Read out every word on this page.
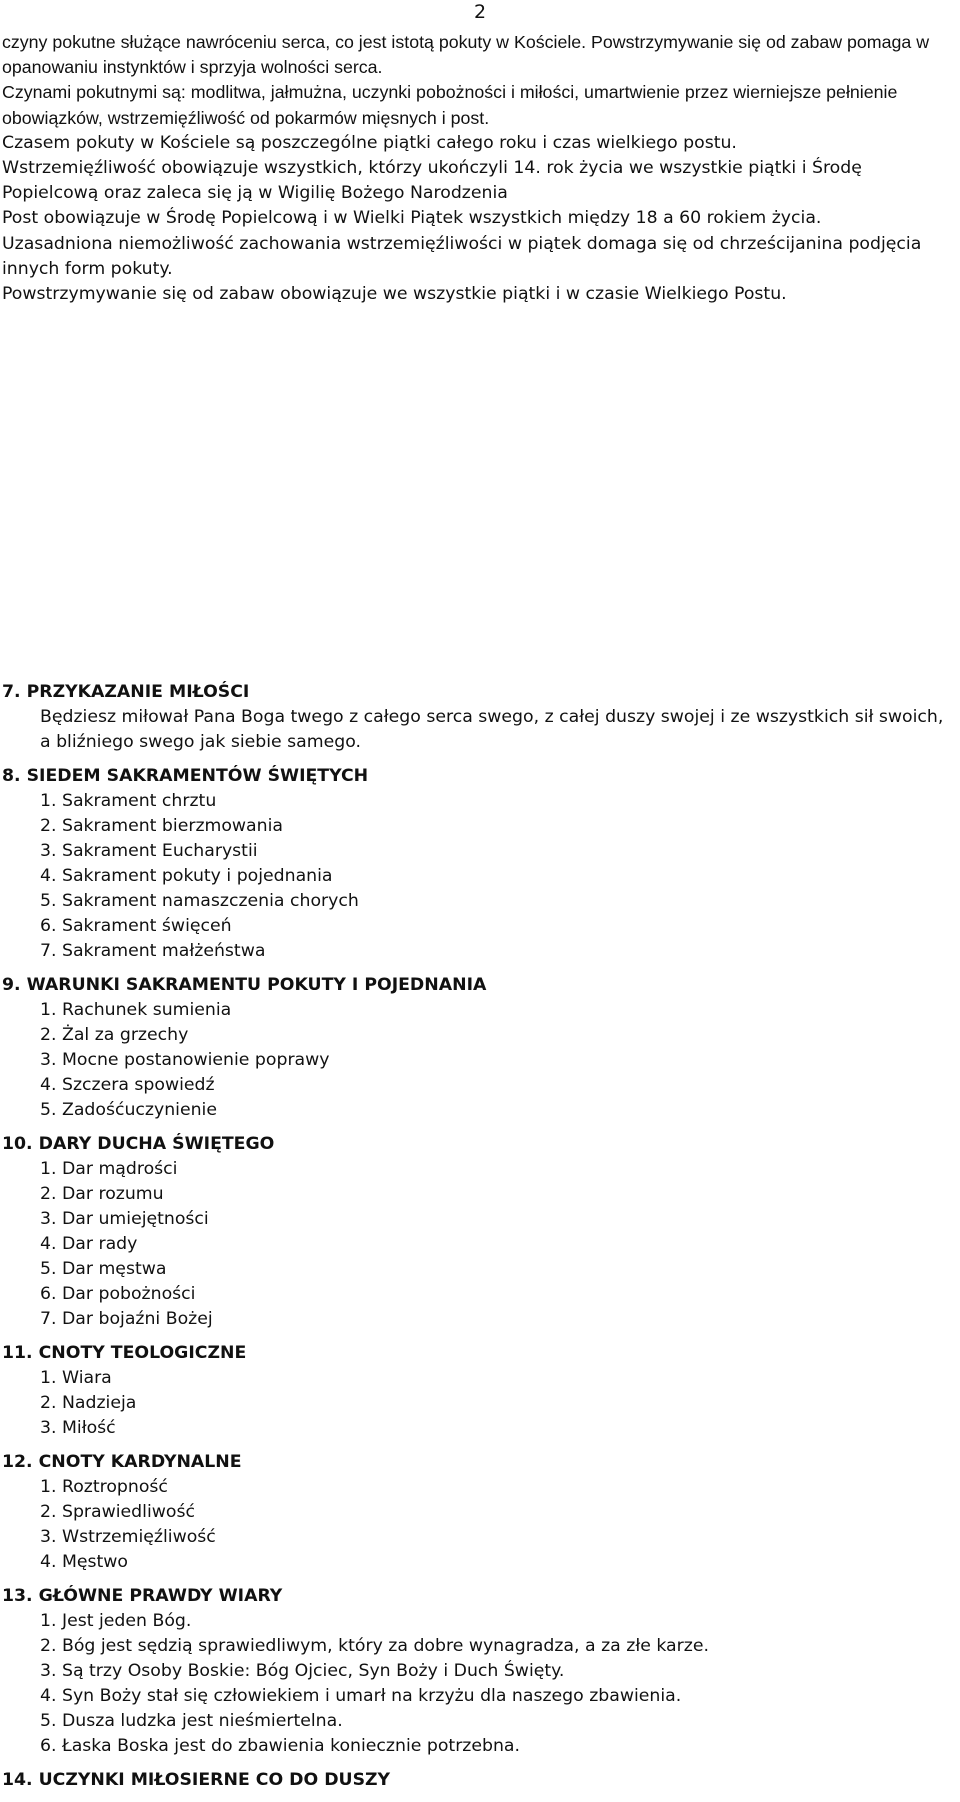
2

czyny pokutne służące nawróceniu serca, co jest istotą pokuty w Kościele. Powstrzymywanie się od zabaw pomaga w opanowaniu instynktów i sprzyja wolności serca.

Czynami pokutnymi są: modlitwa, jałmużna, uczynki pobożności i miłości, umartwienie przez wierniejsze pełnienie obowiązków, wstrzemięźliwość od pokarmów mięsnych i post.

Czasem pokuty w Kościele są poszczególne piątki całego roku i czas wielkiego postu.

Wstrzemięźliwość obowiązuje wszystkich, którzy ukończyli 14. rok życia we wszystkie piątki i Środę Popielcową oraz zaleca się ją w Wigilię Bożego Narodzenia

Post obowiązuje w Środę Popielcową i w Wielki Piątek wszystkich między 18 a 60 rokiem życia.

Uzasadniona niemożliwość zachowania wstrzemięźliwości w piątek domaga się od chrześcijanina podjęcia innych form pokuty.

Powstrzymywanie się od zabaw obowiązuje we wszystkie piątki i w czasie Wielkiego Postu.

7. PRZYKAZANIE MIŁOŚCI

Będziesz miłował Pana Boga twego z całego serca swego, z całej duszy swojej i ze wszystkich sił swoich, a bliźniego swego jak siebie samego.

8. SIEDEM SAKRAMENTÓW ŚWIĘTYCH

1. Sakrament chrztu
2. Sakrament bierzmowania
3. Sakrament Eucharystii
4. Sakrament pokuty i pojednania
5. Sakrament namaszczenia chorych
6. Sakrament święceń
7. Sakrament małżeństwa

9. WARUNKI SAKRAMENTU POKUTY I POJEDNANIA

1. Rachunek sumienia
2. Żal za grzechy
3. Mocne postanowienie poprawy
4. Szczera spowiedź
5. Zadośćuczynienie

10. DARY DUCHA ŚWIĘTEGO

1. Dar mądrości
2. Dar rozumu
3. Dar umiejętności
4. Dar rady
5. Dar męstwa
6. Dar pobożności
7. Dar bojaźni Bożej

11. CNOTY TEOLOGICZNE

1. Wiara
2. Nadzieja
3. Miłość

12. CNOTY KARDYNALNE

1. Roztropność
2. Sprawiedliwość
3. Wstrzemięźliwość
4. Męstwo

13. GŁÓWNE PRAWDY WIARY

1. Jest jeden Bóg.
2. Bóg jest sędzią sprawiedliwym, który za dobre wynagradza, a za złe karze.
3. Są trzy Osoby Boskie: Bóg Ojciec, Syn Boży i Duch Święty.
4. Syn Boży stał się człowiekiem i umarł na krzyżu dla naszego zbawienia.
5. Dusza ludzka jest nieśmiertelna.
6. Łaska Boska jest do zbawienia koniecznie potrzebna.

14. UCZYNKI MIŁOSIERNE CO DO DUSZY
